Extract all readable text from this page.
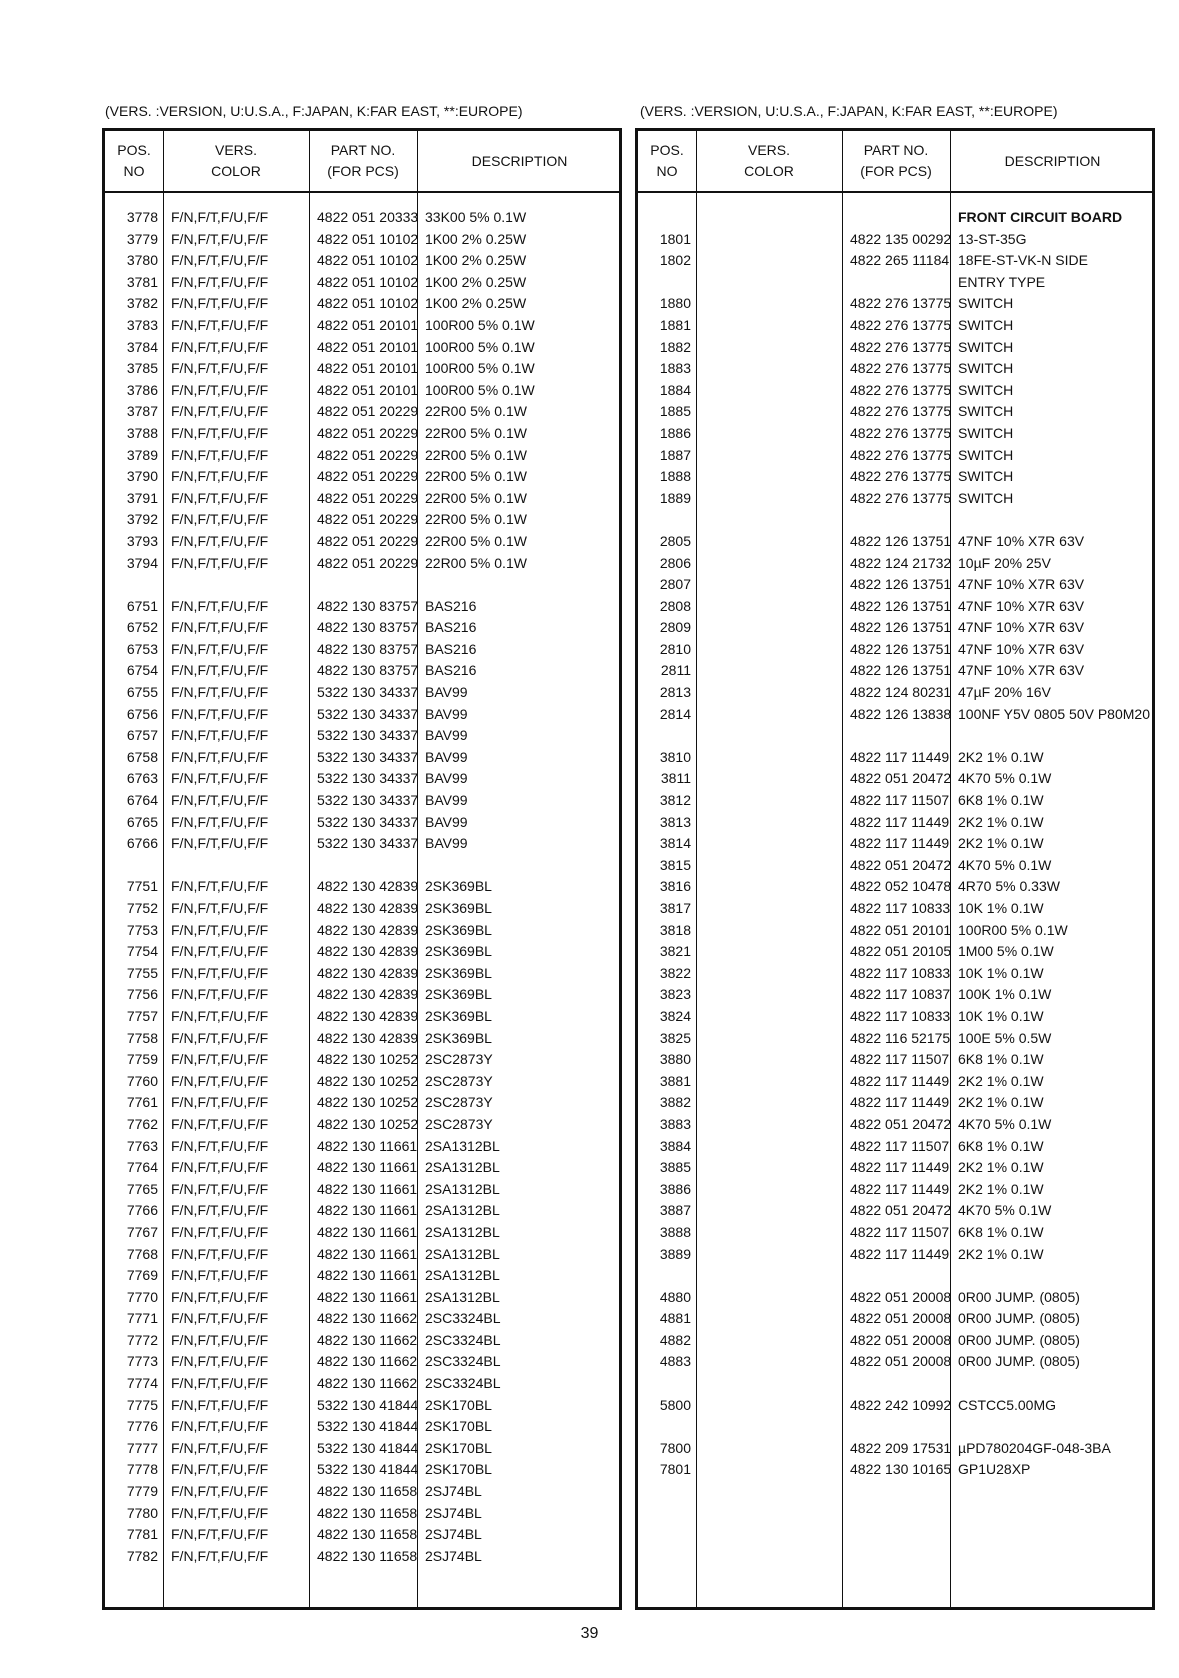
(VERS. :VERSION, U:U.S.A., F:JAPAN, K:FAR EAST, **:EUROPE)	(VERS. :VERSION, U:U.S.A., F:JAPAN, K:FAR EAST, **:EUROPE)
POS.
NO
VERS.
COLOR
PART NO.
(FOR PCS)
DESCRIPTION
3778 F/N,F/T,F/U,F/F	4822 051 20333 33K00 5% 0.1W
3779 F/N,F/T,F/U,F/F	4822 051 10102 1K00 2% 0.25W
3780 F/N,F/T,F/U,F/F	4822 051 10102 1K00 2% 0.25W
3781 F/N,F/T,F/U,F/F	4822 051 10102 1K00 2% 0.25W
3782 F/N,F/T,F/U,F/F	4822 051 10102 1K00 2% 0.25W
3783 F/N,F/T,F/U,F/F	4822 051 20101 100R00 5% 0.1W
3784 F/N,F/T,F/U,F/F	4822 051 20101 100R00 5% 0.1W
3785 F/N,F/T,F/U,F/F	4822 051 20101 100R00 5% 0.1W
3786 F/N,F/T,F/U,F/F	4822 051 20101 100R00 5% 0.1W
3787 F/N,F/T,F/U,F/F	4822 051 20229 22R00 5% 0.1W
3788 F/N,F/T,F/U,F/F	4822 051 20229 22R00 5% 0.1W
3789 F/N,F/T,F/U,F/F	4822 051 20229 22R00 5% 0.1W
3790 F/N,F/T,F/U,F/F	4822 051 20229 22R00 5% 0.1W
3791 F/N,F/T,F/U,F/F	4822 051 20229 22R00 5% 0.1W
3792 F/N,F/T,F/U,F/F	4822 051 20229 22R00 5% 0.1W
3793 F/N,F/T,F/U,F/F	4822 051 20229 22R00 5% 0.1W
3794 F/N,F/T,F/U,F/F	4822 051 20229 22R00 5% 0.1W
6751 F/N,F/T,F/U,F/F	4822 130 83757 BAS216
6752 F/N,F/T,F/U,F/F	4822 130 83757 BAS216
6753 F/N,F/T,F/U,F/F	4822 130 83757 BAS216
6754 F/N,F/T,F/U,F/F	4822 130 83757 BAS216
6755 F/N,F/T,F/U,F/F	5322 130 34337 BAV99
6756 F/N,F/T,F/U,F/F	5322 130 34337 BAV99
6757 F/N,F/T,F/U,F/F	5322 130 34337 BAV99
6758 F/N,F/T,F/U,F/F	5322 130 34337 BAV99
6763 F/N,F/T,F/U,F/F	5322 130 34337 BAV99
6764 F/N,F/T,F/U,F/F	5322 130 34337 BAV99
6765 F/N,F/T,F/U,F/F	5322 130 34337 BAV99
6766 F/N,F/T,F/U,F/F	5322 130 34337 BAV99
7751 F/N,F/T,F/U,F/F	4822 130 42839 2SK369BL
7752 F/N,F/T,F/U,F/F	4822 130 42839 2SK369BL
7753 F/N,F/T,F/U,F/F	4822 130 42839 2SK369BL
7754 F/N,F/T,F/U,F/F	4822 130 42839 2SK369BL
7755 F/N,F/T,F/U,F/F	4822 130 42839 2SK369BL
7756 F/N,F/T,F/U,F/F	4822 130 42839 2SK369BL
7757 F/N,F/T,F/U,F/F	4822 130 42839 2SK369BL
7758 F/N,F/T,F/U,F/F	4822 130 42839 2SK369BL
7759 F/N,F/T,F/U,F/F	4822 130 10252 2SC2873Y
7760 F/N,F/T,F/U,F/F	4822 130 10252 2SC2873Y
7761 F/N,F/T,F/U,F/F	4822 130 10252 2SC2873Y
7762 F/N,F/T,F/U,F/F	4822 130 10252 2SC2873Y
7763 F/N,F/T,F/U,F/F	4822 130 11661 2SA1312BL
7764 F/N,F/T,F/U,F/F	4822 130 11661 2SA1312BL
7765 F/N,F/T,F/U,F/F	4822 130 11661 2SA1312BL
7766 F/N,F/T,F/U,F/F	4822 130 11661 2SA1312BL
7767 F/N,F/T,F/U,F/F	4822 130 11661 2SA1312BL
7768 F/N,F/T,F/U,F/F	4822 130 11661 2SA1312BL
7769 F/N,F/T,F/U,F/F	4822 130 11661 2SA1312BL
7770 F/N,F/T,F/U,F/F	4822 130 11661 2SA1312BL
7771 F/N,F/T,F/U,F/F	4822 130 11662 2SC3324BL
7772 F/N,F/T,F/U,F/F	4822 130 11662 2SC3324BL
7773 F/N,F/T,F/U,F/F	4822 130 11662 2SC3324BL
7774 F/N,F/T,F/U,F/F	4822 130 11662 2SC3324BL
7775 F/N,F/T,F/U,F/F	5322 130 41844 2SK170BL
7776 F/N,F/T,F/U,F/F	5322 130 41844 2SK170BL
7777 F/N,F/T,F/U,F/F	5322 130 41844 2SK170BL
7778 F/N,F/T,F/U,F/F	5322 130 41844 2SK170BL
7779 F/N,F/T,F/U,F/F	4822 130 11658 2SJ74BL
7780 F/N,F/T,F/U,F/F	4822 130 11658 2SJ74BL
7781 F/N,F/T,F/U,F/F	4822 130 11658 2SJ74BL
7782 F/N,F/T,F/U,F/F	4822 130 11658 2SJ74BL
POS.
NO
VERS.
COLOR
PART NO.
(FOR PCS)
DESCRIPTION
FRONT CIRCUIT BOARD
1801	4822 135 00292 13-ST-35G
1802	4822 265 11184 18FE-ST-VK-N SIDE
ENTRY TYPE
1880	4822 276 13775 SWITCH
1881	4822 276 13775 SWITCH
1882	4822 276 13775 SWITCH
1883	4822 276 13775 SWITCH
1884	4822 276 13775 SWITCH
1885	4822 276 13775 SWITCH
1886	4822 276 13775 SWITCH
1887	4822 276 13775 SWITCH
1888	4822 276 13775 SWITCH
1889	4822 276 13775 SWITCH
2805	4822 126 13751 47NF 10% X7R 63V
2806	4822 124 21732 10µF 20% 25V
2807	4822 126 13751 47NF 10% X7R 63V
2808	4822 126 13751 47NF 10% X7R 63V
2809	4822 126 13751 47NF 10% X7R 63V
2810	4822 126 13751 47NF 10% X7R 63V
2811	4822 126 13751 47NF 10% X7R 63V
2813	4822 124 80231 47µF 20% 16V
2814	4822 126 13838 100NF Y5V 0805 50V P80M20
3810	4822 117 11449 2K2 1% 0.1W
3811	4822 051 20472 4K70 5% 0.1W
3812	4822 117 11507 6K8 1% 0.1W
3813	4822 117 11449 2K2 1% 0.1W
3814	4822 117 11449 2K2 1% 0.1W
3815	4822 051 20472 4K70 5% 0.1W
3816	4822 052 10478 4R70 5% 0.33W
3817	4822 117 10833 10K 1% 0.1W
3818	4822 051 20101 100R00 5% 0.1W
3821	4822 051 20105 1M00 5% 0.1W
3822	4822 117 10833 10K 1% 0.1W
3823	4822 117 10837 100K 1% 0.1W
3824	4822 117 10833 10K 1% 0.1W
3825	4822 116 52175 100E 5% 0.5W
3880	4822 117 11507 6K8 1% 0.1W
3881	4822 117 11449 2K2 1% 0.1W
3882	4822 117 11449 2K2 1% 0.1W
3883	4822 051 20472 4K70 5% 0.1W
3884	4822 117 11507 6K8 1% 0.1W
3885	4822 117 11449 2K2 1% 0.1W
3886	4822 117 11449 2K2 1% 0.1W
3887	4822 051 20472 4K70 5% 0.1W
3888	4822 117 11507 6K8 1% 0.1W
3889	4822 117 11449 2K2 1% 0.1W
4880	4822 051 20008 0R00 JUMP. (0805)
4881	4822 051 20008 0R00 JUMP. (0805)
4882	4822 051 20008 0R00 JUMP. (0805)
4883	4822 051 20008 0R00 JUMP. (0805)
5800	4822 242 10992 CSTCC5.00MG
7800	4822 209 17531 µPD780204GF-048-3BA
7801	4822 130 10165 GP1U28XP
39
